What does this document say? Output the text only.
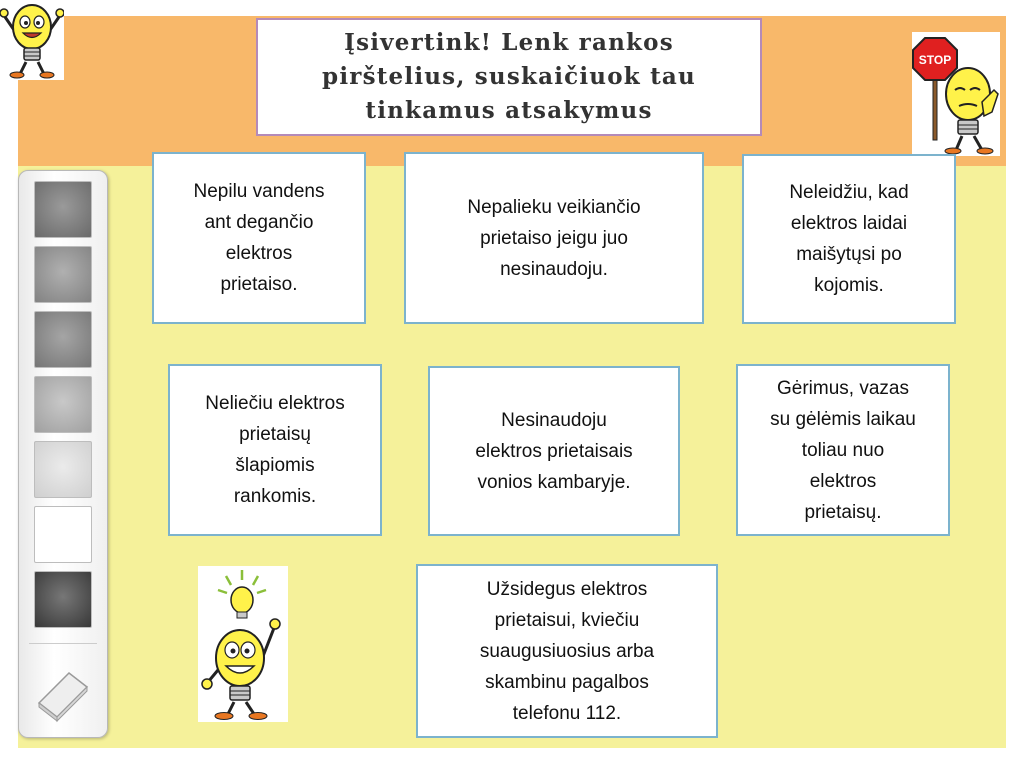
Įsivertink! Lenk rankos
pirštelius, suskaičiuok tau
tinkamus atsakymus
STOP
Nepilu vandens
ant degančio
elektros
prietaiso.
Nepalieku veikiančio
prietaiso jeigu juo
nesinaudoju.
Neleidžiu, kad
elektros laidai
maišytųsi po
kojomis.
Neliečiu elektros
prietaisų
šlapiomis
rankomis.
Nesinaudoju
elektros prietaisais
vonios kambaryje.
Gėrimus, vazas
su gėlėmis laikau
toliau nuo
elektros
prietaisų.
Užsidegus elektros
prietaisui, kviečiu
suaugusiuosius arba
skambinu pagalbos
telefonu 112.
